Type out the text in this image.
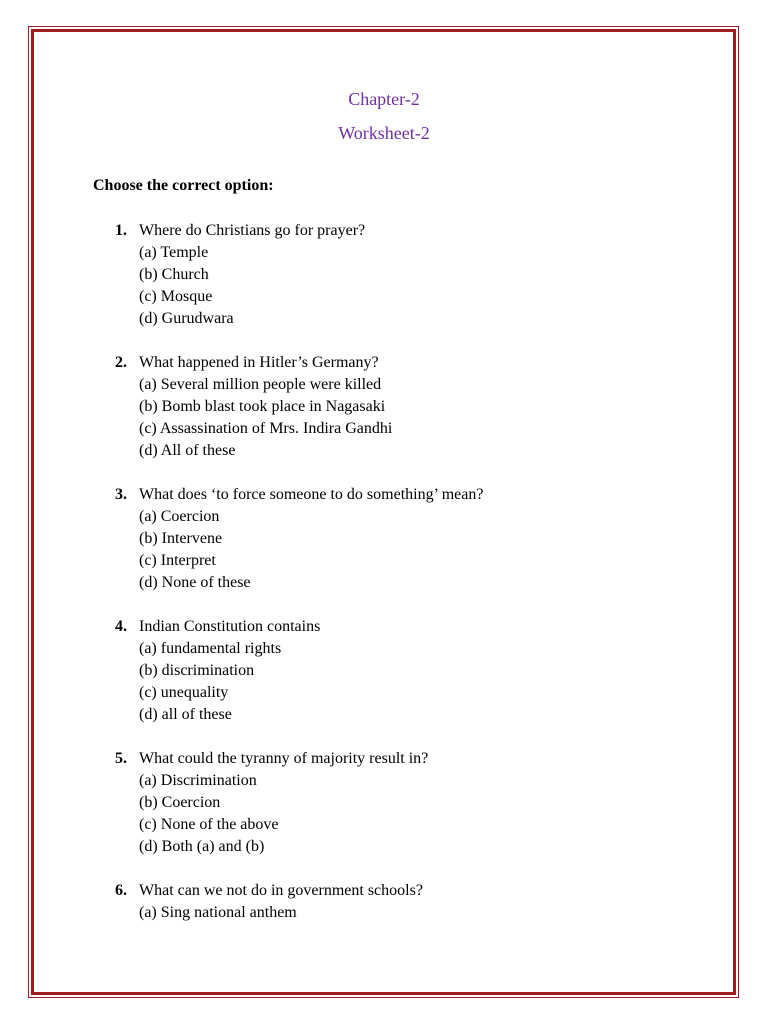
Chapter-2
Worksheet-2
Choose the correct option:
1. Where do Christians go for prayer?
(a) Temple
(b) Church
(c) Mosque
(d) Gurudwara
2. What happened in Hitler’s Germany?
(a) Several million people were killed
(b) Bomb blast took place in Nagasaki
(c) Assassination of Mrs. Indira Gandhi
(d) All of these
3. What does ‘to force someone to do something’ mean?
(a) Coercion
(b) Intervene
(c) Interpret
(d) None of these
4. Indian Constitution contains
(a) fundamental rights
(b) discrimination
(c) unequality
(d) all of these
5. What could the tyranny of majority result in?
(a) Discrimination
(b) Coercion
(c) None of the above
(d) Both (a) and (b)
6. What can we not do in government schools?
(a) Sing national anthem
